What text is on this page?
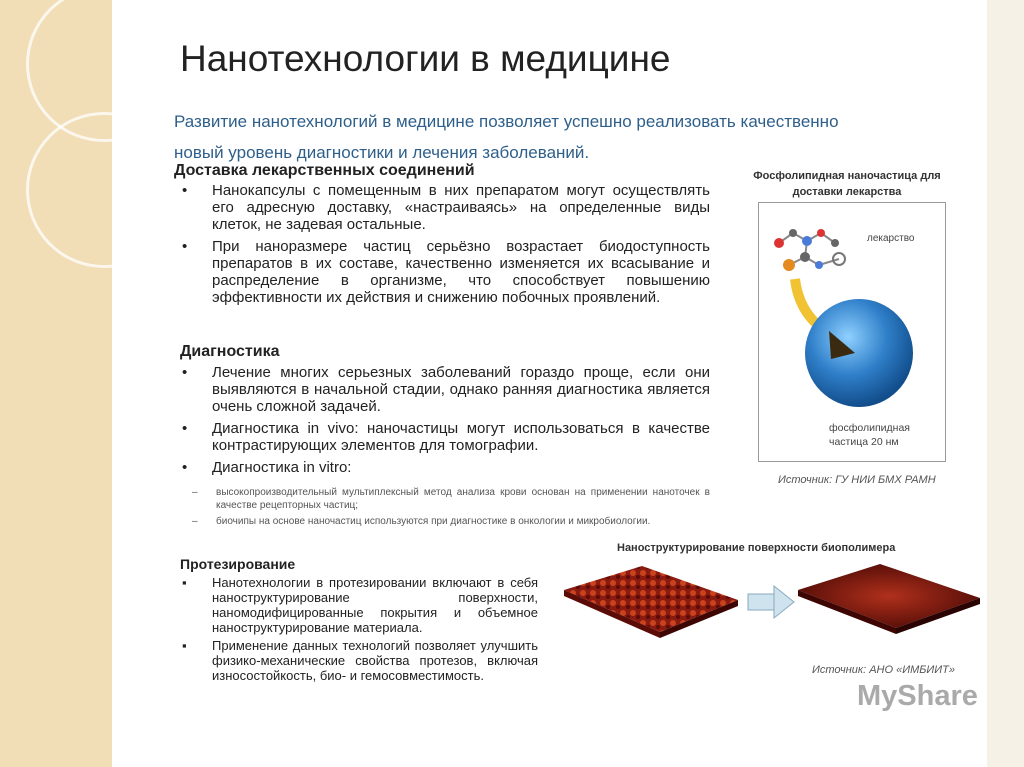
Нанотехнологии в медицине
Развитие нанотехнологий в медицине позволяет успешно реализовать качественно новый уровень диагностики и лечения заболеваний.
Доставка лекарственных соединений
• Нанокапсулы с помещенным в них препаратом могут осуществлять его адресную доставку, «настраиваясь» на определенные виды клеток, не задевая остальные.
• При наноразмере частиц серьёзно возрастает биодоступность препаратов в их составе, качественно изменяется их всасывание и распределение в организме, что способствует повышению эффективности их действия и снижению побочных проявлений.
Диагностика
• Лечение многих серьезных заболеваний гораздо проще, если они выявляются в начальной стадии, однако ранняя диагностика является очень сложной задачей.
• Диагностика in vivo: наночастицы могут использоваться в качестве контрастирующих элементов для томографии.
• Диагностика in vitro:
– высокопроизводительный мультиплексный метод анализа крови основан на применении наноточек в качестве рецепторных частиц;
– биочипы на основе наночастиц используются при диагностике в онкологии и микробиологии.
Протезирование
▪ Нанотехнологии в протезировании включают в себя наноструктурирование поверхности, наномодифицированные покрытия и объемное наноструктурирование материала.
▪ Применение данных технологий позволяет улучшить физико-механические свойства протезов, включая износостойкость, био- и гемосовместимость.
Фосфолипидная наночастица для доставки лекарства
лекарство
фосфолипидная
частица 20 нм
Источник: ГУ НИИ БМХ РАМН
Наноструктурирование поверхности биополимера
Источник: АНО «ИМБИИТ»
MyShare
